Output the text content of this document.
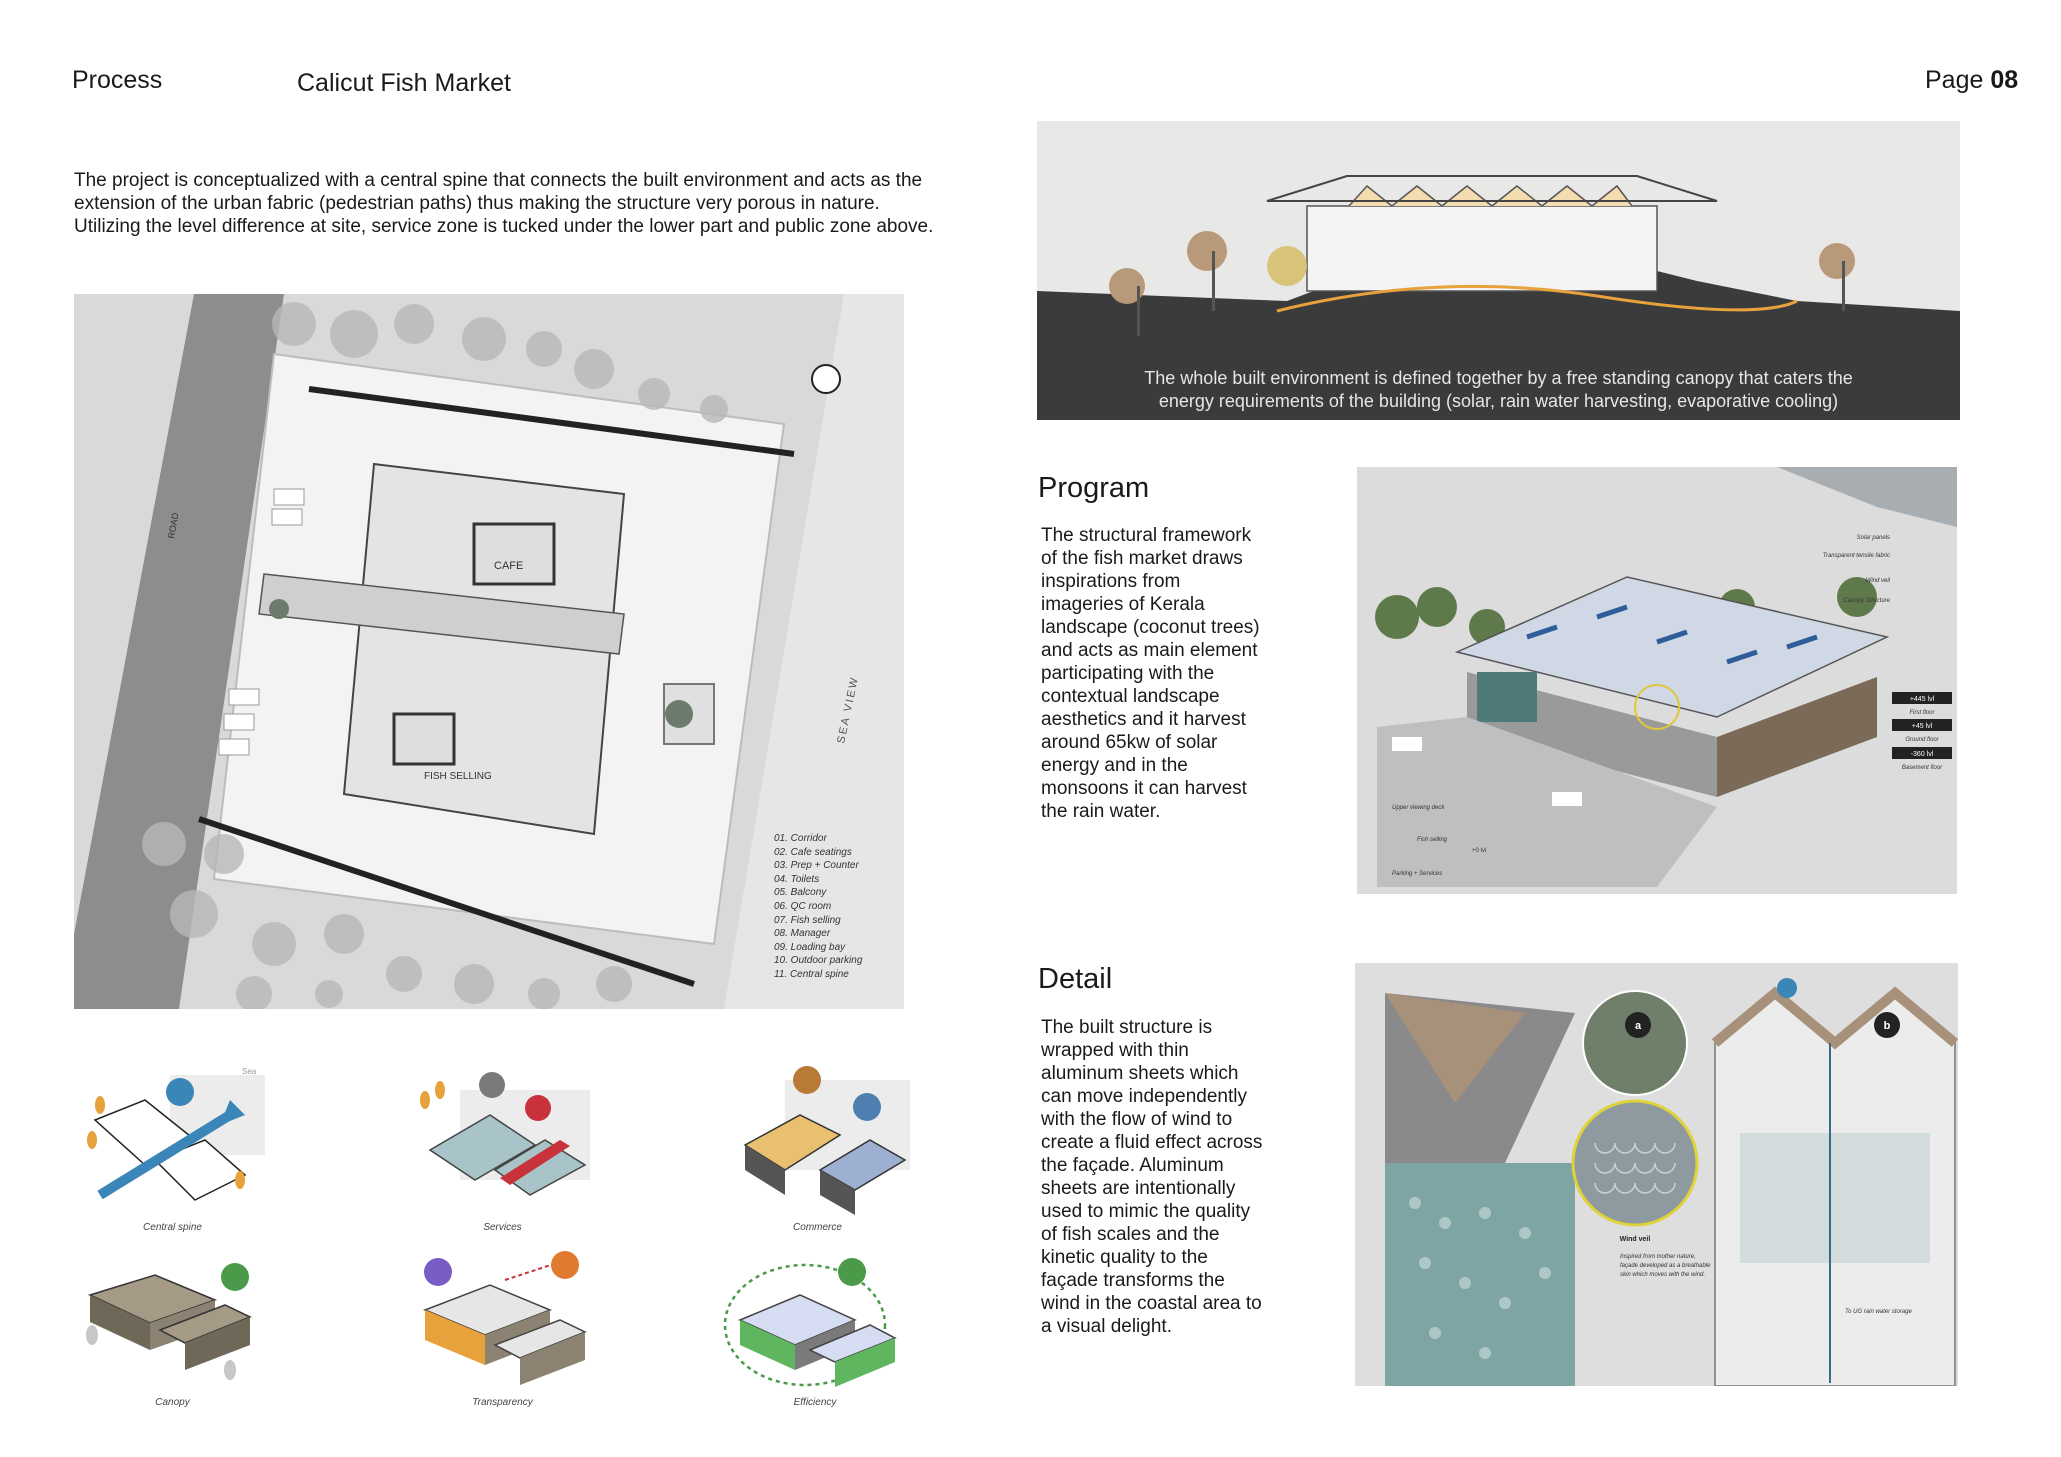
Process	Calicut Fish Market	Page 08
The project is conceptualized with a central spine that connects the built environment and acts as the
extension of the urban fabric (pedestrian paths) thus making the structure very porous in nature.
Utilizing the level difference at site, service zone is tucked under the lower part and public zone above.
ROAD
SEA VIEW
CAFE
FISH SELLING
01. Corridor
02. Cafe seatings
03. Prep + Counter
04. Toilets
05. Balcony
06. QC room
07. Fish selling
08. Manager
09. Loading bay
10. Outdoor parking
11. Central spine
Sea
Central spine	Services	Commerce
Canopy	Transparency	Efficiency
The whole built environment is defined together by a free standing canopy that caters the
energy requirements of the building (solar, rain water harvesting, evaporative cooling)
Program
The structural framework
of the fish market draws
inspirations from
imageries of Kerala
landscape (coconut trees)
and acts as main element
participating with the
contextual landscape
aesthetics and it harvest
around 65kw of solar
energy and in the
monsoons it can harvest
the rain water.
Solar panels
Transparent tensile fabric
Wind veil
Canopy Structure
+445 lvl
First floor
+45 lvl
Ground floor
-360 lvl
Basement floor
Upper viewing deck
Fish selling
+0 lvl
Parking + Services
Detail
The built structure is
wrapped with thin
aluminum sheets which
can move independently
with the flow of wind to
create a fluid effect across
the façade. Aluminum
sheets are intentionally
used to mimic the quality
of fish scales and the
kinetic quality to the
façade transforms the
wind in the coastal area to
a visual delight.
a	b
Wind veil
Inspired from mother nature,
façade developed as a breathable
skin which moves with the wind.
To UG rain water storage
